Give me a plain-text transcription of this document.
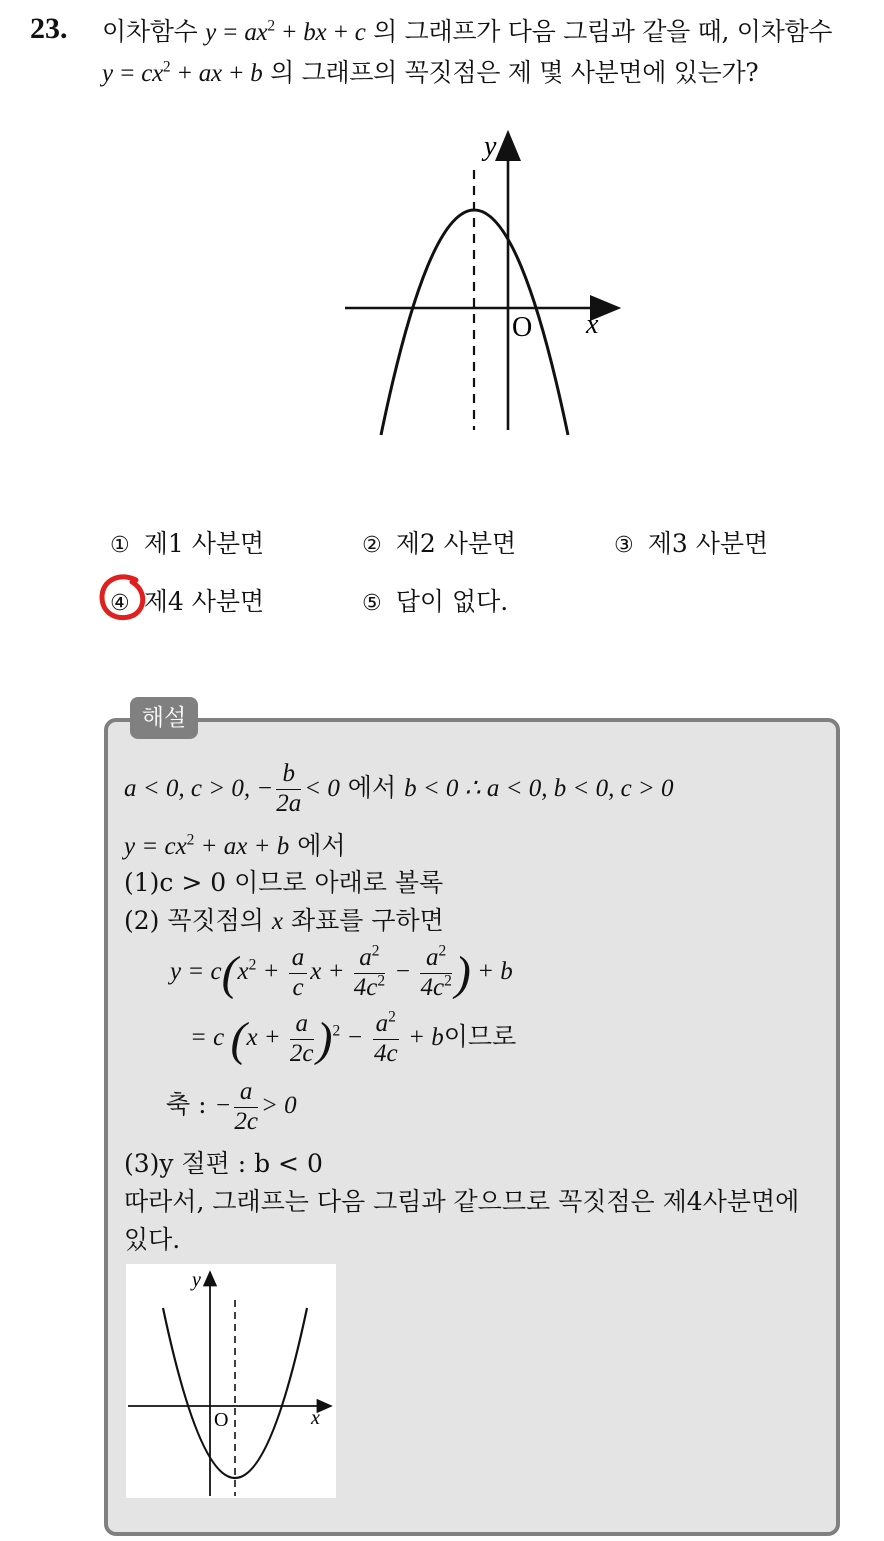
23. 이차함수 $y = ax^2$ + bx + c 의 그래프가 다음 그림과 같을 때, 이차함수
$y = cx^2$ + ax + b 의 그래프의 꼭짓점은 제 몇 사분면에 있는가?
y
x
O
① 제1 사분면	② 제2 사분면	③ 제3 사분면
④ 제4 사분면	⑤ 답이 없다.
해설
a < 0, c > 0, − $\frac{b}{2a} < 0$ 에서 b < 0 ∴ a < 0, b < 0, c > 0
$y = cx^2$ + ax + b 에서
(1)c > 0 이므로 아래로 볼록
(2) 꼭짓점의 x 좌표를 구하면
$y = c(x^2 + \frac{a}{c}$ $x + \frac{a^2}{4c^2} - \frac{a^2}{4c^2}$ ) + b
= c $(x + \frac{a}{2c} )^2 - \frac{a^2}{4c} + b$이므로
축 : − $\frac{a}{2c} > 0$
(3)y 절편 : b < 0
따라서, 그래프는 다음 그림과 같으므로 꼭짓점은 제4사분면에
있다.
y
x
O
